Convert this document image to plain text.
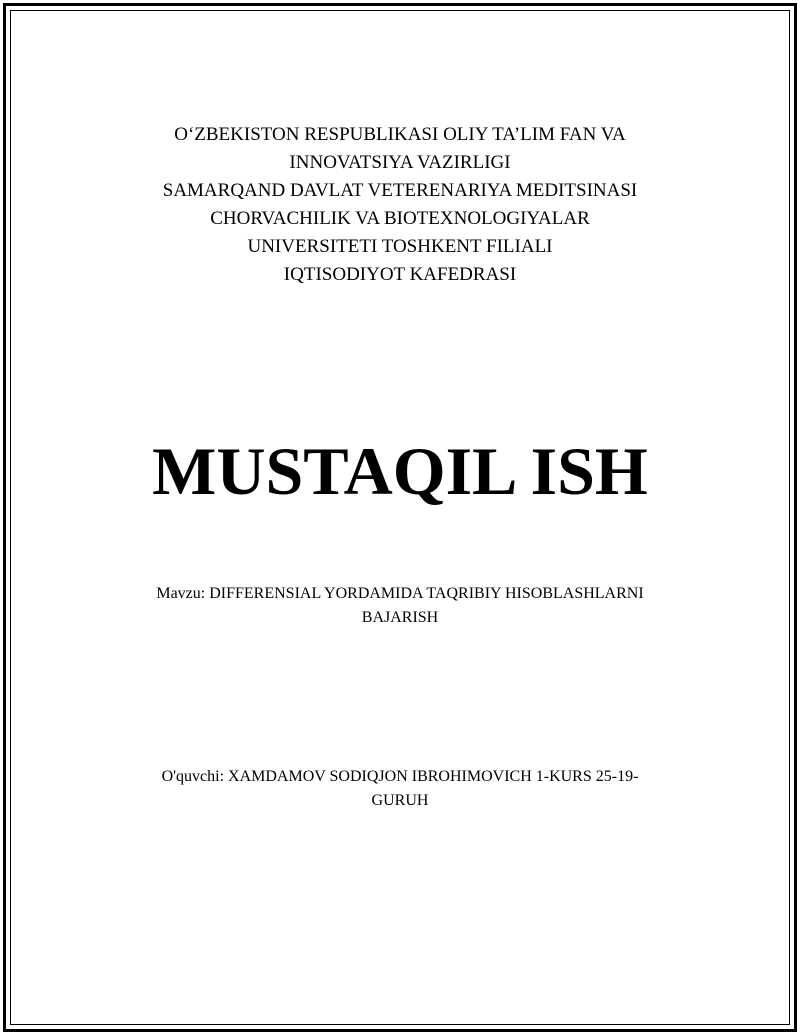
O‘ZBEKISTON RESPUBLIKASI OLIY TA’LIM FAN VA
INNOVATSIYA VAZIRLIGI
SAMARQAND DAVLAT VETERENARIYA MEDITSINASI
CHORVACHILIK VA BIOTEXNOLOGIYALAR
UNIVERSITETI TOSHKENT FILIALI
IQTISODIYOT KAFEDRASI
MUSTAQIL ISH
Mavzu: DIFFERENSIAL YORDAMIDA TAQRIBIY HISOBLASHLARNI
BAJARISH
O'quvchi: XAMDAMOV SODIQJON IBROHIMOVICH 1-KURS 25-19-
GURUH
